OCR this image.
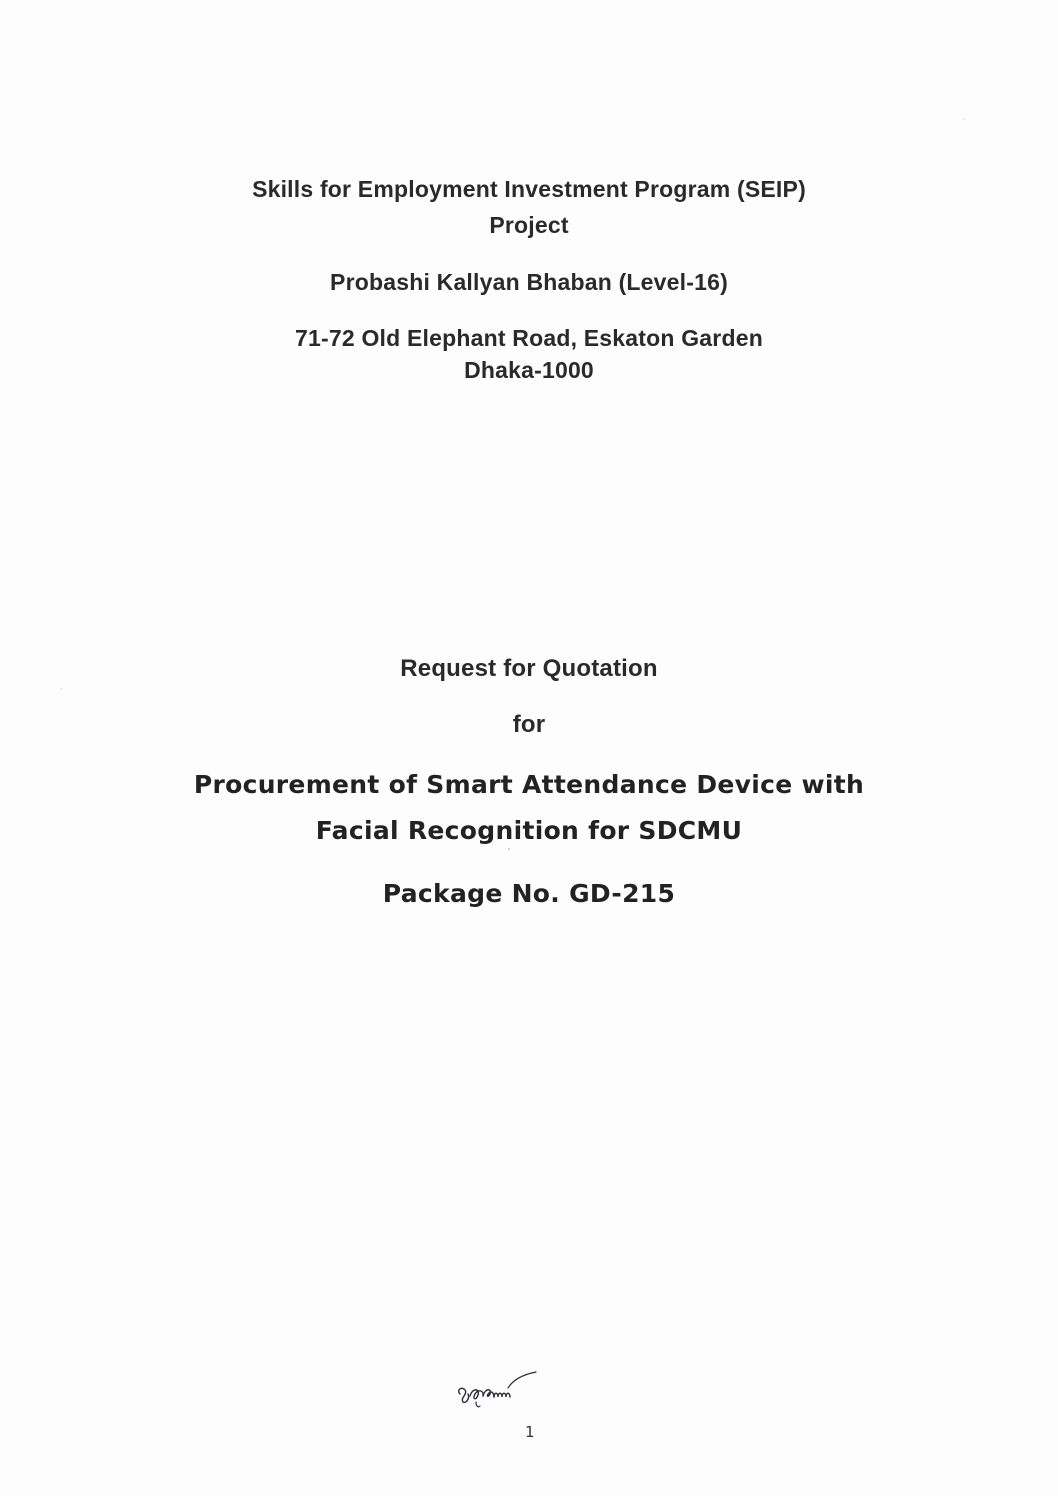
Skills for Employment Investment Program (SEIP)
Project
Probashi Kallyan Bhaban (Level-16)
71-72 Old Elephant Road, Eskaton Garden
Dhaka-1000
Request for Quotation
for
Procurement of Smart Attendance Device with
Facial Recognition for SDCMU
Package No. GD-215
1
